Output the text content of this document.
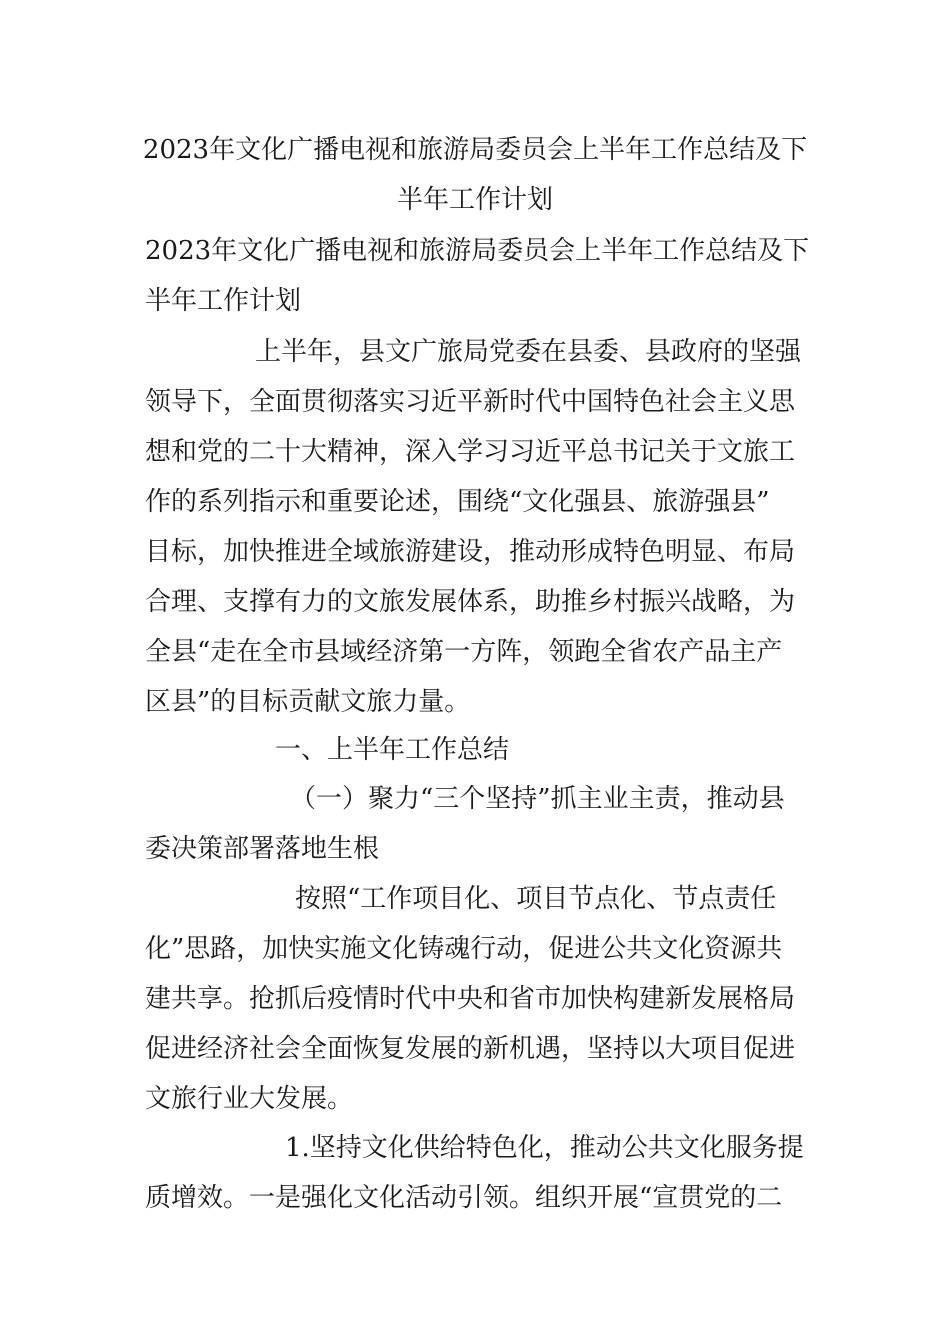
2023年文化广播电视和旅游局委员会上半年工作总结及下
半年工作计划
2023年文化广播电视和旅游局委员会上半年工作总结及下
半年工作计划
上半年，县文广旅局党委在县委、县政府的坚强
领导下，全面贯彻落实习近平新时代中国特色社会主义思
想和党的二十大精神，深入学习习近平总书记关于文旅工
作的系列指示和重要论述，围绕“文化强县、旅游强县”
目标，加快推进全域旅游建设，推动形成特色明显、布局
合理、支撑有力的文旅发展体系，助推乡村振兴战略，为
全县“走在全市县域经济第一方阵，领跑全省农产品主产
区县”的目标贡献文旅力量。
一、上半年工作总结
（一）聚力“三个坚持”抓主业主责，推动县
委决策部署落地生根
按照“工作项目化、项目节点化、节点责任
化”思路，加快实施文化铸魂行动，促进公共文化资源共
建共享。抢抓后疫情时代中央和省市加快构建新发展格局
促进经济社会全面恢复发展的新机遇，坚持以大项目促进
文旅行业大发展。
1.坚持文化供给特色化，推动公共文化服务提
质增效。一是强化文化活动引领。组织开展“宣贯党的二
